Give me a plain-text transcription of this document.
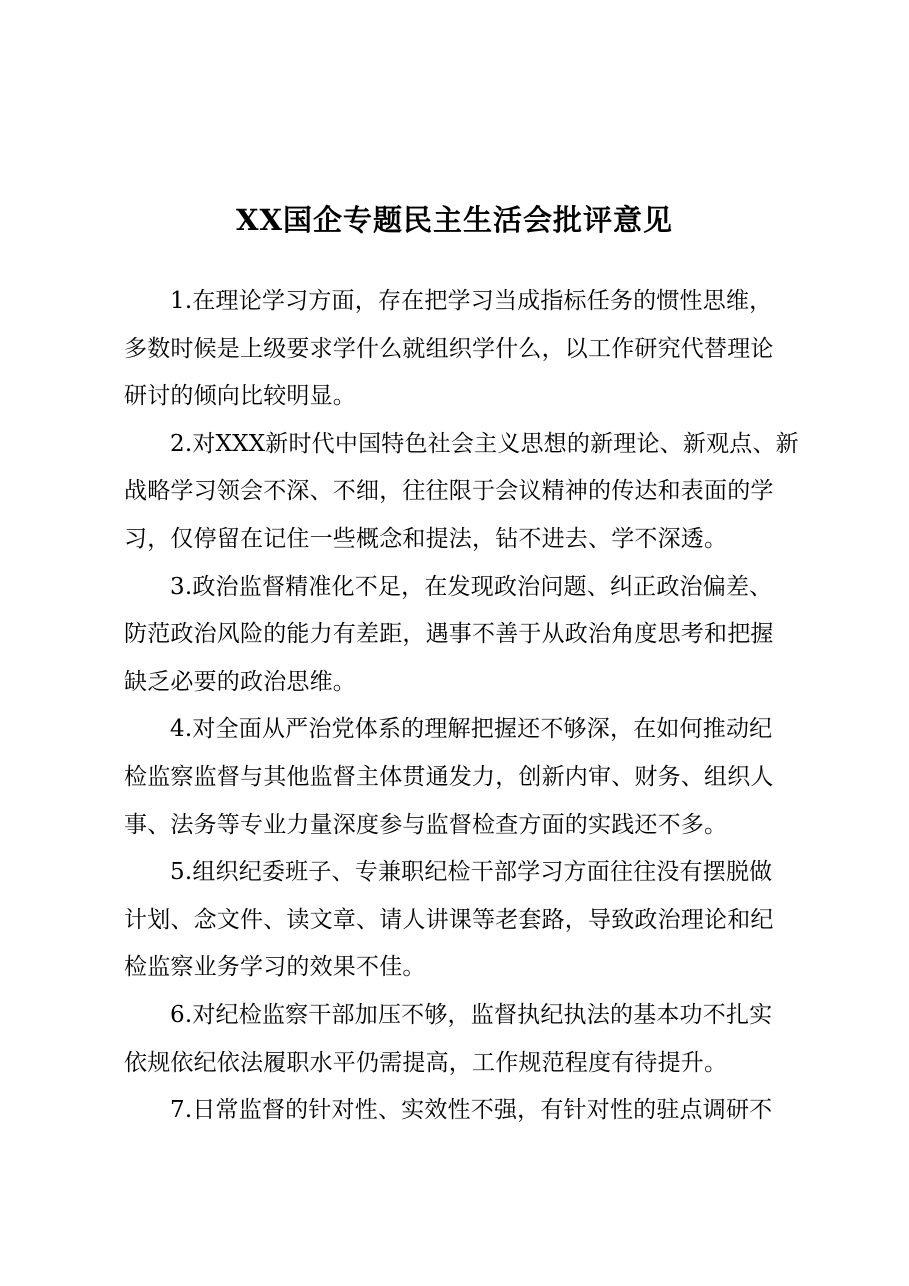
XX国企专题民主生活会批评意见
1.在理论学习方面，存在把学习当成指标任务的惯性思维，
多数时候是上级要求学什么就组织学什么，以工作研究代替理论
研讨的倾向比较明显。
2.对XXX新时代中国特色社会主义思想的新理论、新观点、新
战略学习领会不深、不细，往往限于会议精神的传达和表面的学
习，仅停留在记住一些概念和提法，钻不进去、学不深透。
3.政治监督精准化不足，在发现政治问题、纠正政治偏差、
防范政治风险的能力有差距，遇事不善于从政治角度思考和把握
缺乏必要的政治思维。
4.对全面从严治党体系的理解把握还不够深，在如何推动纪
检监察监督与其他监督主体贯通发力，创新内审、财务、组织人
事、法务等专业力量深度参与监督检查方面的实践还不多。
5.组织纪委班子、专兼职纪检干部学习方面往往没有摆脱做
计划、念文件、读文章、请人讲课等老套路，导致政治理论和纪
检监察业务学习的效果不佳。
6.对纪检监察干部加压不够，监督执纪执法的基本功不扎实
依规依纪依法履职水平仍需提高，工作规范程度有待提升。
7.日常监督的针对性、实效性不强，有针对性的驻点调研不
